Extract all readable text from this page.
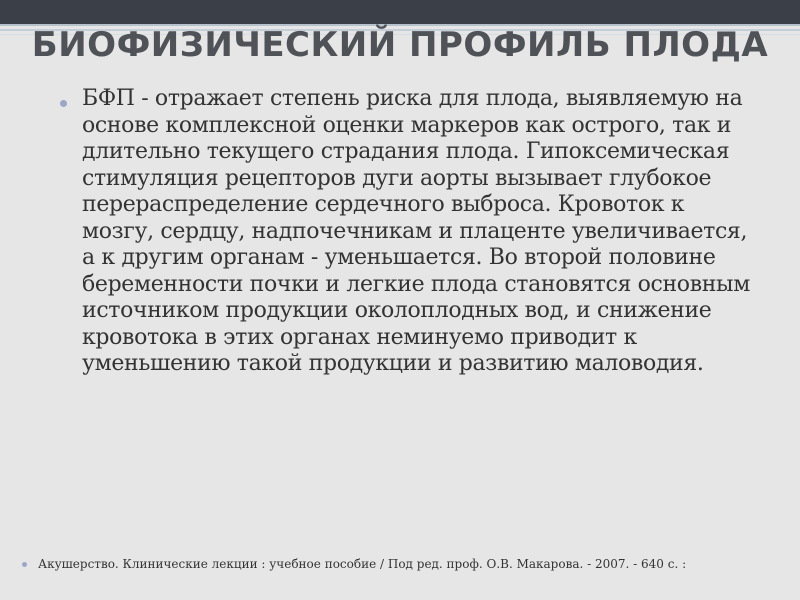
БИОФИЗИЧЕСКИЙ ПРОФИЛЬ ПЛОДА
БФП - отражает степень риска для плода, выявляемую на основе комплексной оценки маркеров как острого, так и длительно текущего страдания плода. Гипоксемическая стимуляция рецепторов дуги аорты вызывает глубокое перераспределение сердечного выброса. Кровоток к мозгу, сердцу, надпочечникам и плаценте увеличивается, а к другим органам - уменьшается. Во второй половине беременности почки и легкие плода становятся основным источником продукции околоплодных вод, и снижение кровотока в этих органах неминуемо приводит к уменьшению такой продукции и развитию маловодия.
Акушерство. Клинические лекции : учебное пособие / Под ред. проф. О.В. Макарова. - 2007. - 640 с. :
